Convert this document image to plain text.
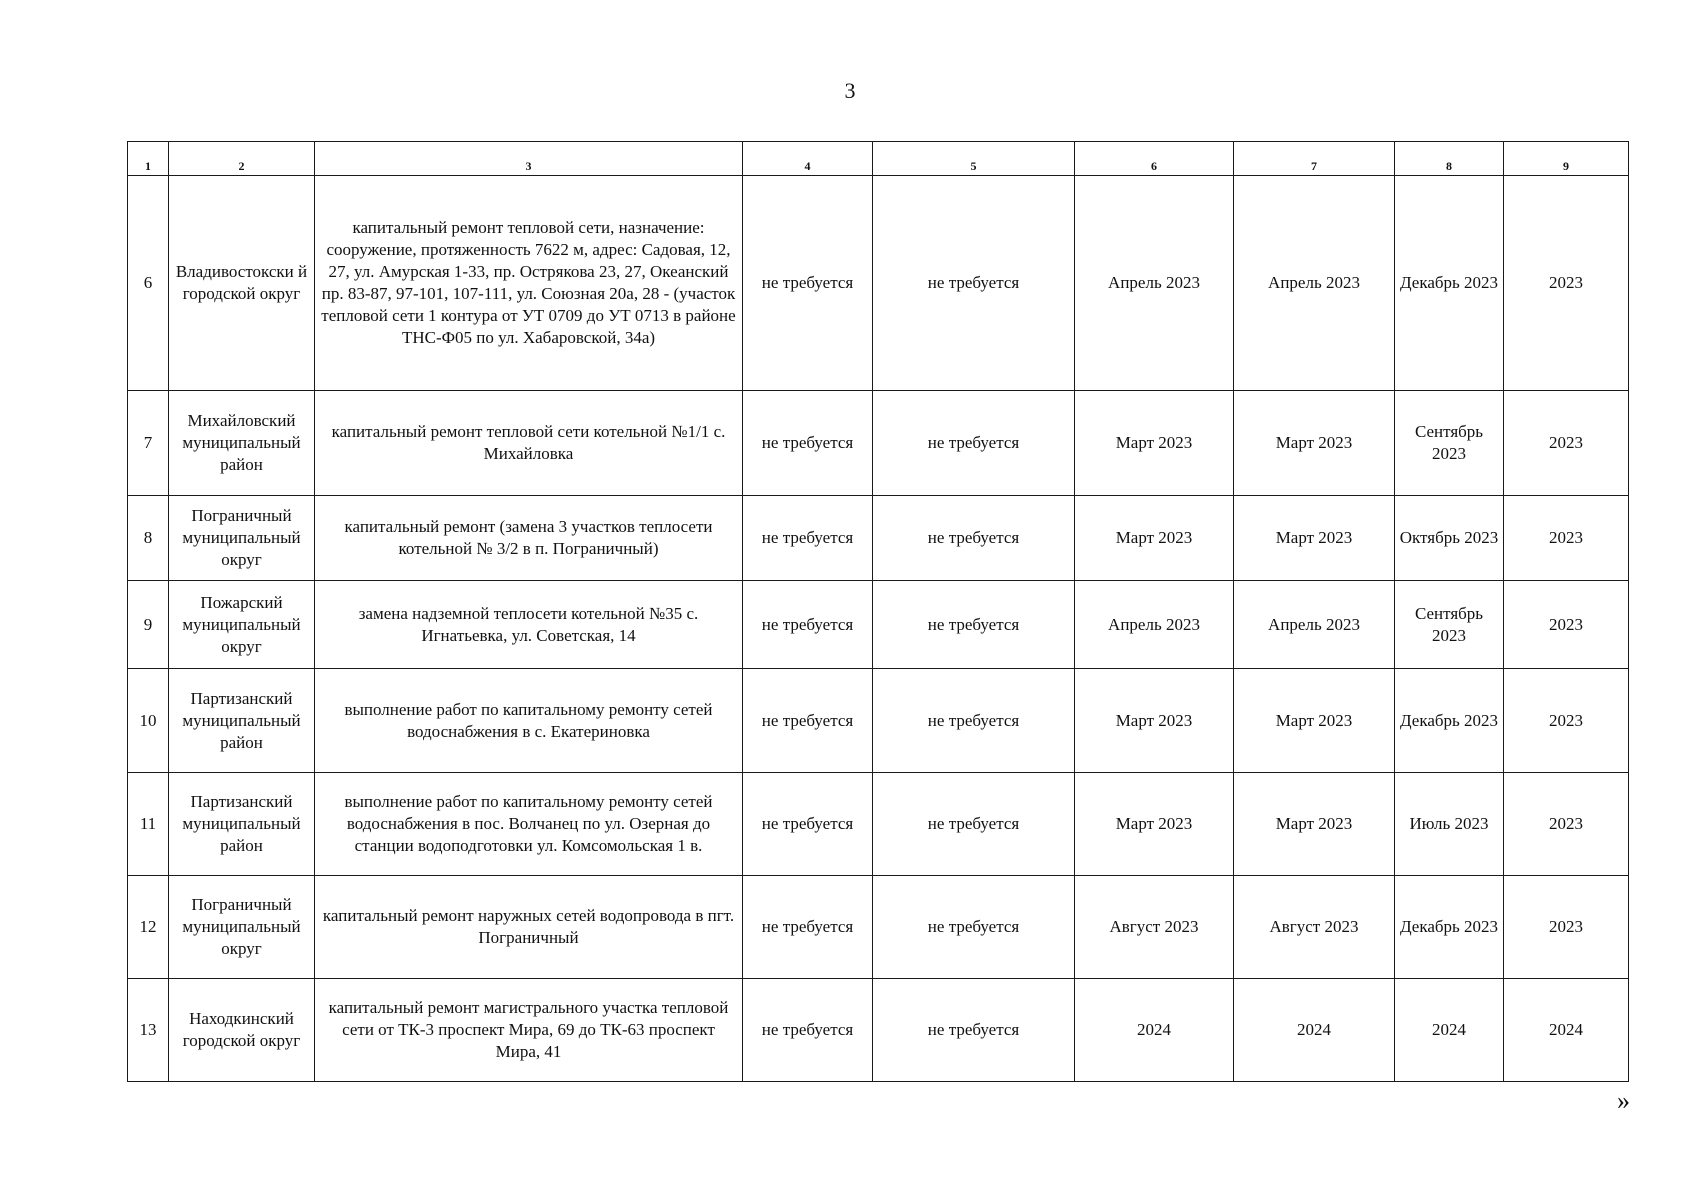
3
1	2	3	4	5	6	7	8	9
6	Владивостокски й городской округ	капитальный ремонт тепловой сети, назначение: сооружение, протяженность 7622 м, адрес: Садовая, 12, 27, ул. Амурская 1-33, пр. Острякова 23, 27, Океанский пр. 83-87, 97-101, 107-111, ул. Союзная 20а, 28 - (участок тепловой сети 1 контура от УТ 0709 до УТ 0713 в районе ТНС-Ф05 по ул. Хабаровской, 34а)	не требуется	не требуется	Апрель 2023	Апрель 2023	Декабрь 2023	2023
7	Михайловский муниципальный район	капитальный ремонт тепловой сети котельной №1/1 с. Михайловка	не требуется	не требуется	Март 2023	Март 2023	Сентябрь 2023	2023
8	Пограничный муниципальный округ	капитальный ремонт (замена 3 участков теплосети котельной № 3/2 в п. Пограничный)	не требуется	не требуется	Март 2023	Март 2023	Октябрь 2023	2023
9	Пожарский муниципальный округ	замена надземной теплосети котельной №35 с. Игнатьевка, ул. Советская, 14	не требуется	не требуется	Апрель 2023	Апрель 2023	Сентябрь 2023	2023
10	Партизанский муниципальный район	выполнение работ по капитальному ремонту сетей водоснабжения в с. Екатериновка	не требуется	не требуется	Март 2023	Март 2023	Декабрь 2023	2023
11	Партизанский муниципальный район	выполнение работ по капитальному ремонту сетей водоснабжения в пос. Волчанец по ул. Озерная до станции водоподготовки ул. Комсомольская 1 в.	не требуется	не требуется	Март 2023	Март 2023	Июль 2023	2023
12	Пограничный муниципальный округ	капитальный ремонт наружных сетей водопровода в пгт. Пограничный	не требуется	не требуется	Август 2023	Август 2023	Декабрь 2023	2023
13	Находкинский городской округ	капитальный ремонт магистрального участка тепловой сети от ТК-3 проспект Мира, 69 до ТК-63 проспект Мира, 41	не требуется	не требуется	2024	2024	2024	2024
»
